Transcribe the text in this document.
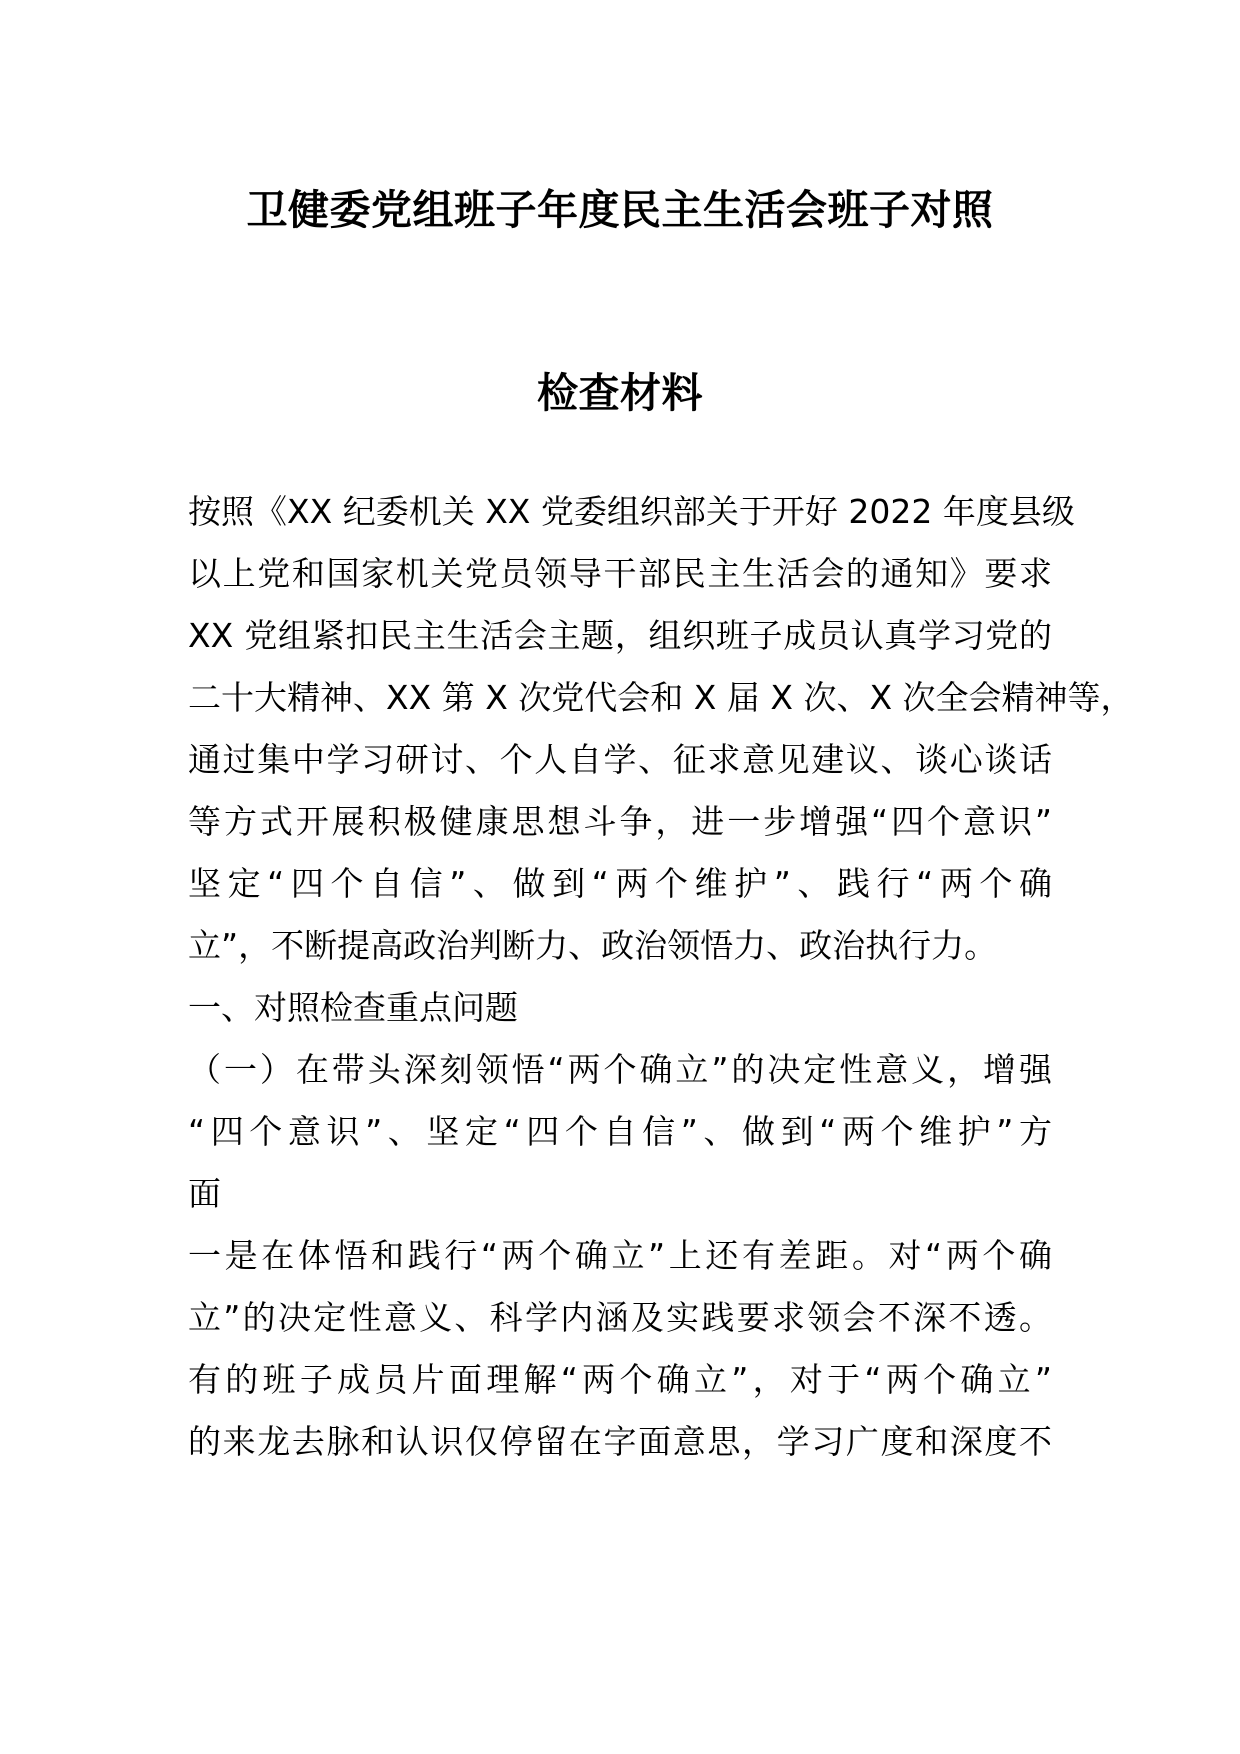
卫健委党组班子年度民主生活会班子对照
检查材料
按照《XX 纪委机关 XX 党委组织部关于开好 2022 年度县级
以上党和国家机关党员领导干部民主生活会的通知》要求
XX 党组紧扣民主生活会主题，组织班子成员认真学习党的
二十大精神、XX 第 X 次党代会和 X 届 X 次、X 次全会精神等，
通过集中学习研讨、个人自学、征求意见建议、谈心谈话
等方式开展积极健康思想斗争，进一步增强“四个意识”
坚定“四个自信”、做到“两个维护”、践行“两个确
立”，不断提高政治判断力、政治领悟力、政治执行力。
一、对照检查重点问题
（一）在带头深刻领悟“两个确立”的决定性意义，增强
“四个意识”、坚定“四个自信”、做到“两个维护”方
面
一是在体悟和践行“两个确立”上还有差距。对“两个确
立”的决定性意义、科学内涵及实践要求领会不深不透。
有的班子成员片面理解“两个确立”，对于“两个确立”
的来龙去脉和认识仅停留在字面意思，学习广度和深度不
